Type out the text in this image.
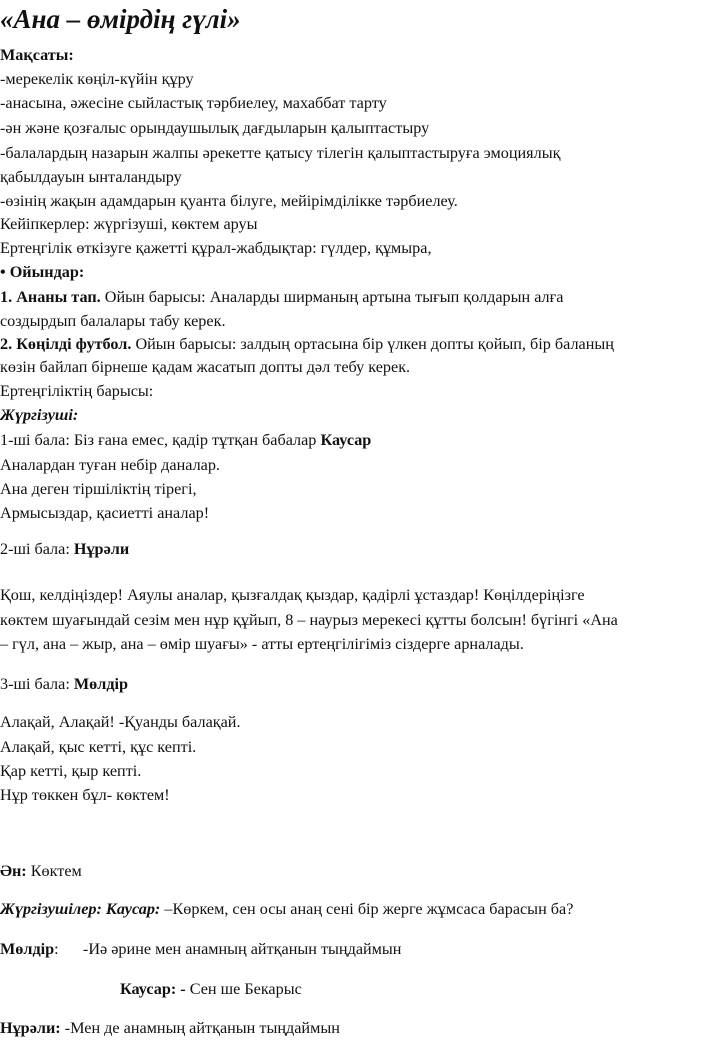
«Ана – өмірдің гүлі»
Мақсаты:
-мерекелік көңіл-күйін құру
-анасына, әжесіне сыйластық тәрбиелеу, махаббат тарту
-ән және қозғалыс орындаушылық дағдыларын қалыптастыру
-балалардың назарын жалпы әрекетте қатысу тілегін қалыптастыруға эмоциялық
қабылдауын ынталандыру
-өзінің жақын адамдарын қуанта білуге, мейірімділікке тәрбиелеу.
Кейіпкерлер: жүргізуші, көктем аруы
Ертеңгілік өткізуге қажетті құрал-жабдықтар: гүлдер, құмыра,
• Ойындар:
1. Ананы тап. Ойын барысы: Аналарды ширманың артына тығып қолдарын алға
создырдып балалары табу керек.
2. Көңілді футбол. Ойын барысы: залдың ортасына бір үлкен допты қойып, бір баланың
көзін байлап бірнеше қадам жасатып допты дәл тебу керек.
Ертеңгіліктің барысы:
Жүргізуші:
1-ші бала: Біз ғана емес, қадір тұтқан бабалар Каусар
Аналардан туған небір даналар.
Ана деген тіршіліктің тірегі,
Армысыздар, қасиетті аналар!
2-ші бала: Нұрәли
Қош, келдіңіздер! Аяулы аналар, қызғалдақ қыздар, қадірлі ұстаздар! Көңілдеріңізге
көктем шуағындай сезім мен нұр құйып, 8 – наурыз мерекесі құтты болсын! бүгінгі «Ана
– гүл, ана – жыр, ана – өмір шуағы» - атты ертеңгілігіміз сіздерге арналады.
3-ші бала: Мөлдір
Алақай, Алақай! -Қуанды балақай.
Алақай, қыс кетті, құс кепті.
Қар кетті, қыр кепті.
Нұр төккен бұл- көктем!
Ән: Көктем
Жүргізушілер: Каусар: –Көркем, сен осы анаң сені бір жерге жұмсаса барасын ба?
Мөлдір:      -Иә әрине мен анамның айтқанын тыңдаймын
Каусар: - Сен ше Бекарыс
Нұрәли: -Мен де анамның айтқанын тыңдаймын
